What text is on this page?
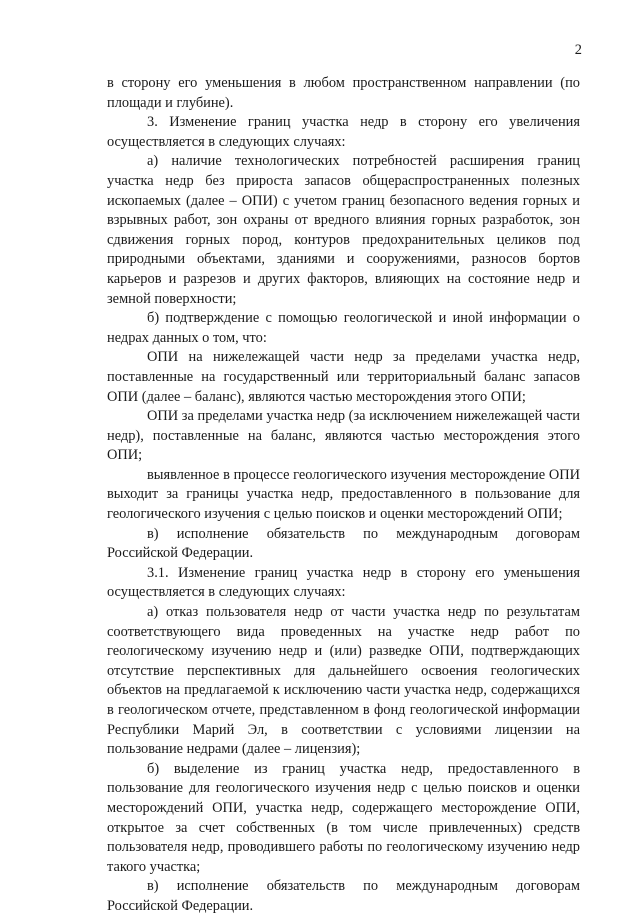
2

в сторону его уменьшения в любом пространственном направлении (по площади и глубине).

3. Изменение границ участка недр в сторону его увеличения осуществляется в следующих случаях:

а) наличие технологических потребностей расширения границ участка недр без прироста запасов общераспространенных полезных ископаемых (далее – ОПИ) с учетом границ безопасного ведения горных и взрывных работ, зон охраны от вредного влияния горных разработок, зон сдвижения горных пород, контуров предохранительных целиков под природными объектами, зданиями и сооружениями, разносов бортов карьеров и разрезов и других факторов, влияющих на состояние недр и земной поверхности;

б) подтверждение с помощью геологической и иной информации о недрах данных о том, что:

ОПИ на нижележащей части недр за пределами участка недр, поставленные на государственный или территориальный баланс запасов ОПИ (далее – баланс), являются частью месторождения этого ОПИ;

ОПИ за пределами участка недр (за исключением нижележащей части недр), поставленные на баланс, являются частью месторождения этого ОПИ;

выявленное в процессе геологического изучения месторождение ОПИ выходит за границы участка недр, предоставленного в пользование для геологического изучения с целью поисков и оценки месторождений ОПИ;

в) исполнение обязательств по международным договорам Российской Федерации.

3.1. Изменение границ участка недр в сторону его уменьшения осуществляется в следующих случаях:

а) отказ пользователя недр от части участка недр по результатам соответствующего вида проведенных на участке недр работ по геологическому изучению недр и (или) разведке ОПИ, подтверждающих отсутствие перспективных для дальнейшего освоения геологических объектов на предлагаемой к исключению части участка недр, содержащихся в геологическом отчете, представленном в фонд геологической информации Республики Марий Эл, в соответствии с условиями лицензии на пользование недрами (далее – лицензия);

б) выделение из границ участка недр, предоставленного в пользование для геологического изучения недр с целью поисков и оценки месторождений ОПИ, участка недр, содержащего месторождение ОПИ, открытое за счет собственных (в том числе привлеченных) средств пользователя недр, проводившего работы по геологическому изучению недр такого участка;

в) исполнение обязательств по международным договорам Российской Федерации.
